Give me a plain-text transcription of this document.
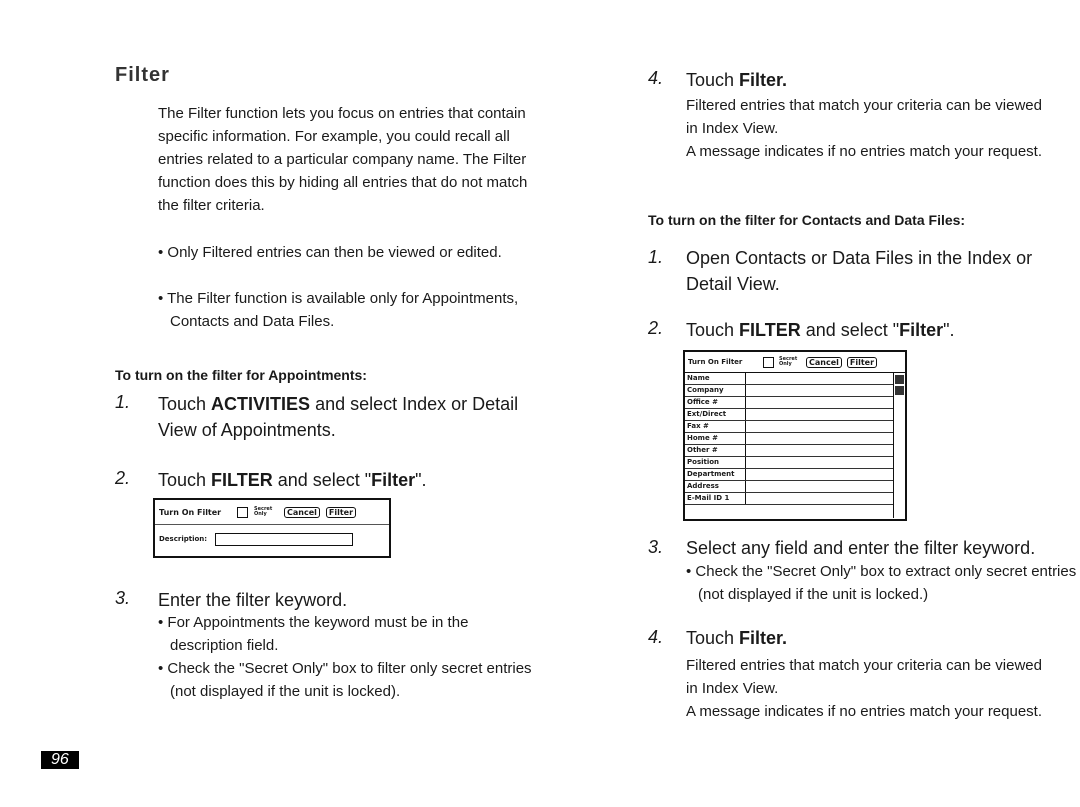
Filter
The Filter function lets you focus on entries that contain specific information. For example, you could recall all entries related to a particular company name. The Filter function does this by hiding all entries that do not match the filter criteria.
• Only Filtered entries can then be viewed or edited.
• The Filter function is available only for Appointments, Contacts and Data Files.
To turn on the filter for Appointments:
1. Touch ACTIVITIES and select Index or Detail View of Appointments.
2. Touch FILTER and select "Filter".
Turn On Filter	Secret Only	Cancel	Filter
Description:
3. Enter the filter keyword.
• For Appointments the keyword must be in the description field.
• Check the "Secret Only" box to filter only secret entries (not displayed if the unit is locked).
4. Touch Filter.
Filtered entries that match your criteria can be viewed in Index View.
A message indicates if no entries match your request.
To turn on the filter for Contacts and Data Files:
1. Open Contacts or Data Files in the Index or Detail View.
2. Touch FILTER and select "Filter".
Turn On Filter	Secret Only	Cancel	Filter
Name
Company
Office #
Ext/Direct
Fax #
Home #
Other #
Position
Department
Address
E-Mail ID 1
3. Select any field and enter the filter keyword.
• Check the "Secret Only" box to extract only secret entries (not displayed if the unit is locked.)
4. Touch Filter.
Filtered entries that match your criteria can be viewed in Index View.
A message indicates if no entries match your request.
96
